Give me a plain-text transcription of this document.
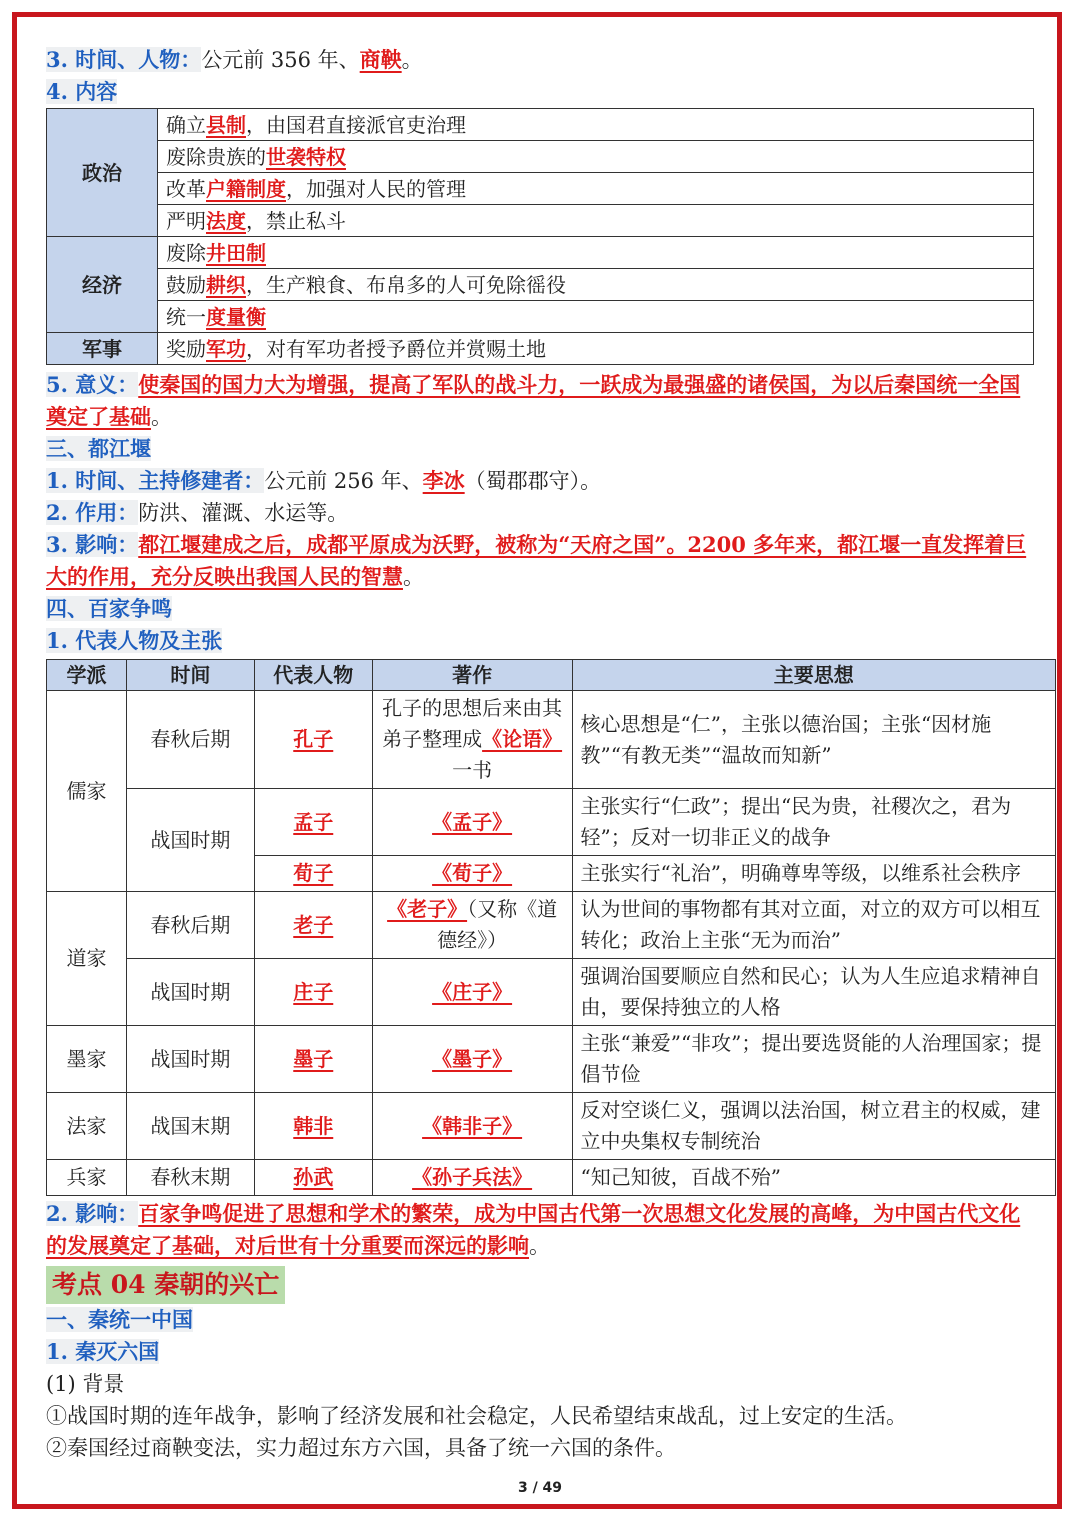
3. 时间、人物：公元前 356 年、商鞅。
4. 内容
政治	确立县制，由国君直接派官吏治理
	废除贵族的世袭特权
	改革户籍制度，加强对人民的管理
	严明法度，禁止私斗
经济	废除井田制
	鼓励耕织，生产粮食、布帛多的人可免除徭役
	统一度量衡
军事	奖励军功，对有军功者授予爵位并赏赐土地
5. 意义：使秦国的国力大为增强，提高了军队的战斗力，一跃成为最强盛的诸侯国，为以后秦国统一全国奠定了基础。
三、都江堰
1. 时间、主持修建者：公元前 256 年、李冰（蜀郡郡守）。
2. 作用：防洪、灌溉、水运等。
3. 影响：都江堰建成之后，成都平原成为沃野，被称为“天府之国”。2200 多年来，都江堰一直发挥着巨大的作用，充分反映出我国人民的智慧。
四、百家争鸣
1. 代表人物及主张
学派	时间	代表人物	著作	主要思想
儒家	春秋后期	孔子	孔子的思想后来由其弟子整理成《论语》一书	核心思想是“仁”，主张以德治国；主张“因材施教”“有教无类”“温故而知新”
	战国时期	孟子	《孟子》	主张实行“仁政”；提出“民为贵，社稷次之，君为轻”；反对一切非正义的战争
		荀子	《荀子》	主张实行“礼治”，明确尊卑等级，以维系社会秩序
道家	春秋后期	老子	《老子》（又称《道德经》）	认为世间的事物都有其对立面，对立的双方可以相互转化；政治上主张“无为而治”
	战国时期	庄子	《庄子》	强调治国要顺应自然和民心；认为人生应追求精神自由，要保持独立的人格
墨家	战国时期	墨子	《墨子》	主张“兼爱”“非攻”；提出要选贤能的人治理国家；提倡节俭
法家	战国末期	韩非	《韩非子》	反对空谈仁义，强调以法治国，树立君主的权威，建立中央集权专制统治
兵家	春秋末期	孙武	《孙子兵法》	“知己知彼，百战不殆”
2. 影响：百家争鸣促进了思想和学术的繁荣，成为中国古代第一次思想文化发展的高峰，为中国古代文化的发展奠定了基础，对后世有十分重要而深远的影响。
考点 04 秦朝的兴亡
一、秦统一中国
1. 秦灭六国
(1) 背景
①战国时期的连年战争，影响了经济发展和社会稳定，人民希望结束战乱，过上安定的生活。
②秦国经过商鞅变法，实力超过东方六国，具备了统一六国的条件。
3 / 49
